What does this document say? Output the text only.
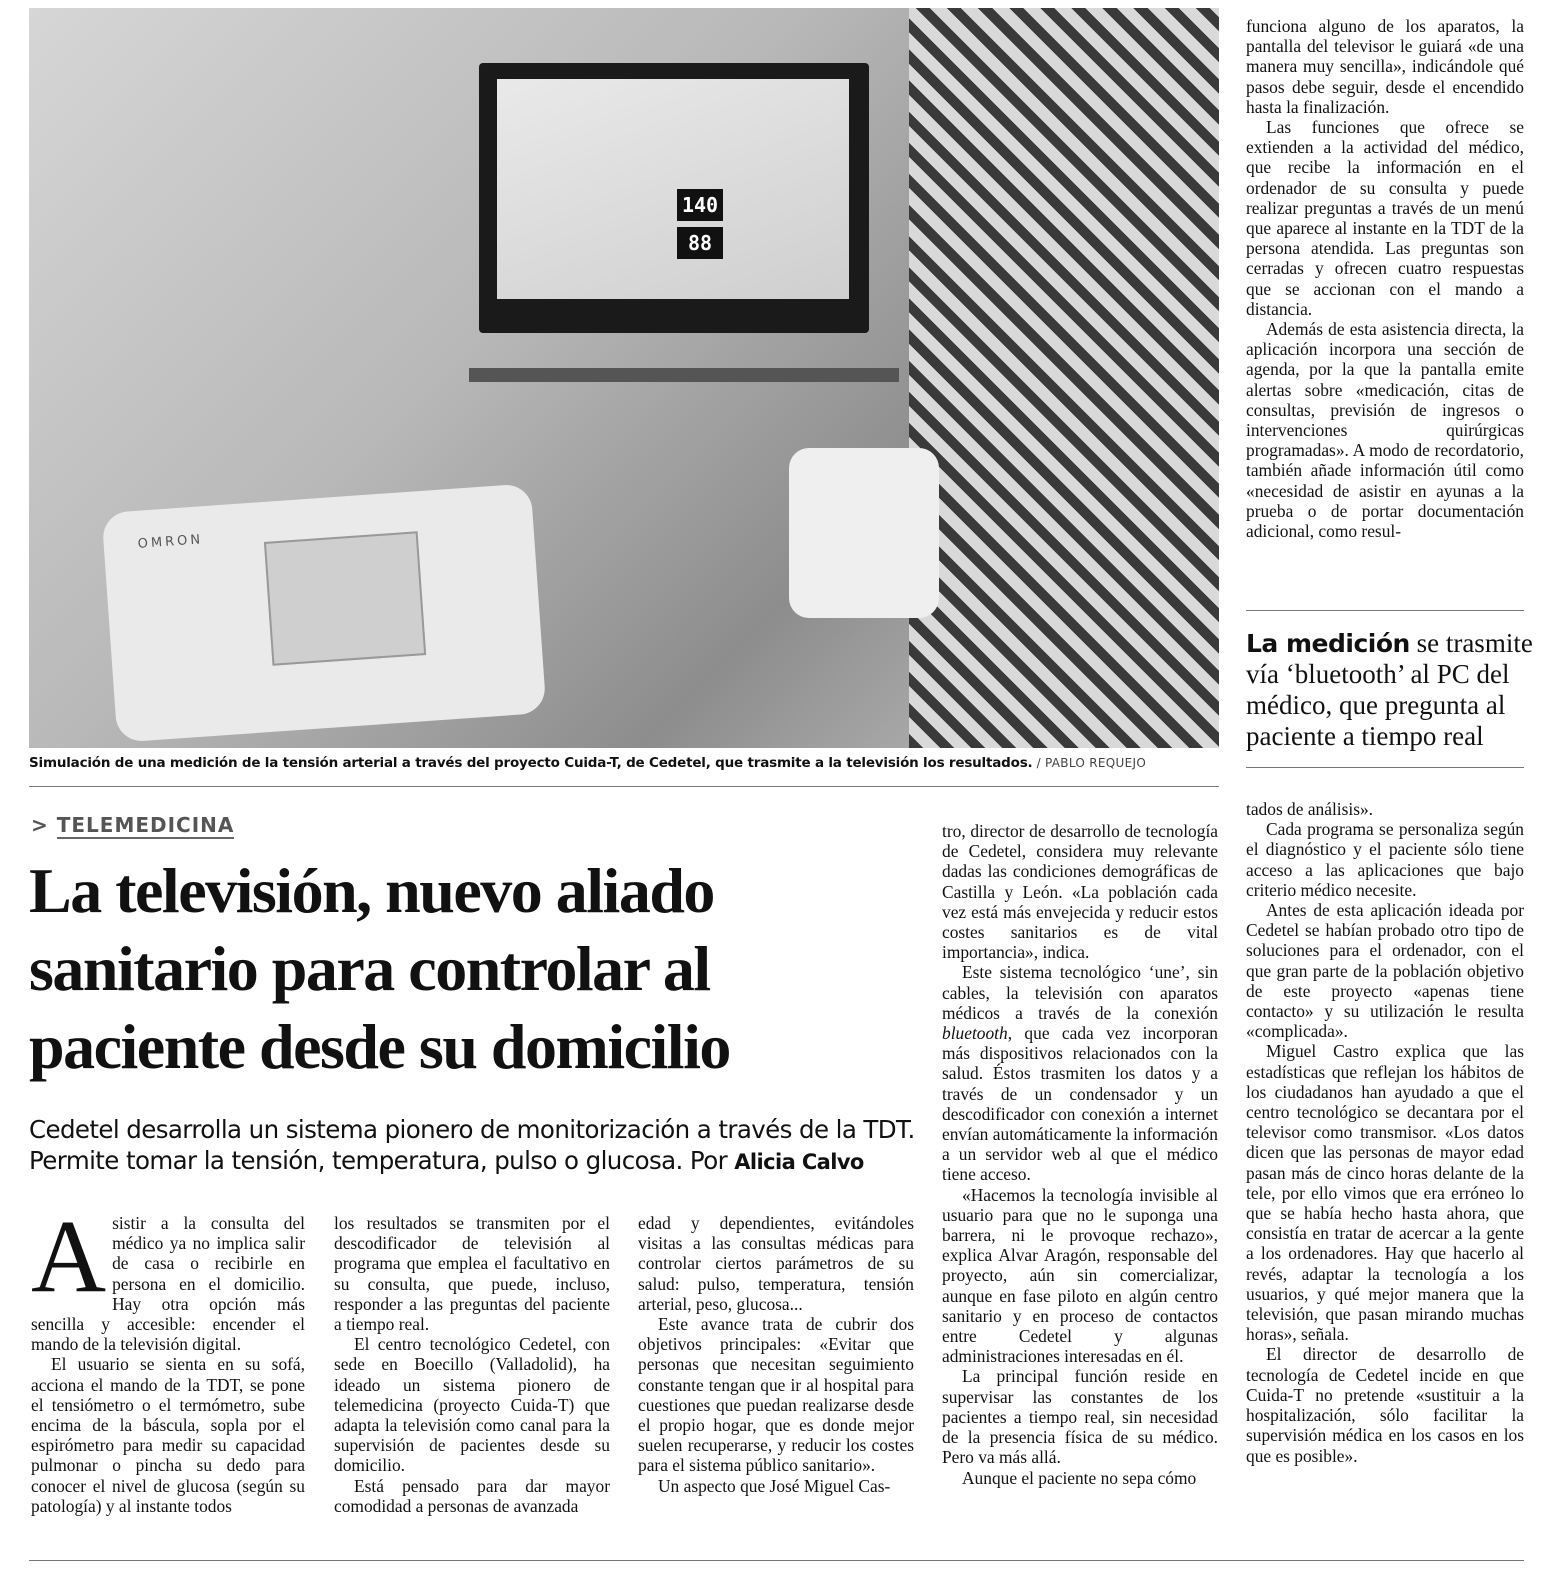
140
88
OMRON
Simulación de una medición de la tensión arterial a través del proyecto Cuida-T, de Cedetel, que trasmite a la televisión los resultados. / PABLO REQUEJO
> TELEMEDICINA
La televisión, nuevo aliado sanitario para controlar al paciente desde su domicilio
Cedetel desarrolla un sistema pionero de monitorización a través de la TDT. Permite tomar la tensión, temperatura, pulso o glucosa. Por Alicia Calvo

Asistir a la consulta del médico ya no implica salir de casa o recibirle en persona en el domicilio. Hay otra opción más sencilla y accesible: encender el mando de la televisión digital.

El usuario se sienta en su sofá, acciona el mando de la TDT, se pone el tensiómetro o el termómetro, sube encima de la báscula, sopla por el espirómetro para medir su capacidad pulmonar o pincha su dedo para conocer el nivel de glucosa (según su patología) y al instante todos

los resultados se transmiten por el descodificador de televisión al programa que emplea el facultativo en su consulta, que puede, incluso, responder a las preguntas del paciente a tiempo real.

El centro tecnológico Cedetel, con sede en Boecillo (Valladolid), ha ideado un sistema pionero de telemedicina (proyecto Cuida-T) que adapta la televisión como canal para la supervisión de pacientes desde su domicilio.

Está pensado para dar mayor comodidad a personas de avanzada

edad y dependientes, evitándoles visitas a las consultas médicas para controlar ciertos parámetros de su salud: pulso, temperatura, tensión arterial, peso, glucosa...

Este avance trata de cubrir dos objetivos principales: «Evitar que personas que necesitan seguimiento constante tengan que ir al hospital para cuestiones que puedan realizarse desde el propio hogar, que es donde mejor suelen recuperarse, y reducir los costes para el sistema público sanitario».

Un aspecto que José Miguel Cas-

tro, director de desarrollo de tecnología de Cedetel, considera muy relevante dadas las condiciones demográficas de Castilla y León. «La población cada vez está más envejecida y reducir estos costes sanitarios es de vital importancia», indica.

Este sistema tecnológico ‘une’, sin cables, la televisión con aparatos médicos a través de la conexión bluetooth, que cada vez incorporan más dispositivos relacionados con la salud. Éstos trasmiten los datos y a través de un condensador y un descodificador con conexión a internet envían automáticamente la información a un servidor web al que el médico tiene acceso.

«Hacemos la tecnología invisible al usuario para que no le suponga una barrera, ni le provoque rechazo», explica Alvar Aragón, responsable del proyecto, aún sin comercializar, aunque en fase piloto en algún centro sanitario y en proceso de contactos entre Cedetel y algunas administraciones interesadas en él.

La principal función reside en supervisar las constantes de los pacientes a tiempo real, sin necesidad de la presencia física de su médico. Pero va más allá.

Aunque el paciente no sepa cómo

funciona alguno de los aparatos, la pantalla del televisor le guiará «de una manera muy sencilla», indicándole qué pasos debe seguir, desde el encendido hasta la finalización.

Las funciones que ofrece se extienden a la actividad del médico, que recibe la información en el ordenador de su consulta y puede realizar preguntas a través de un menú que aparece al instante en la TDT de la persona atendida. Las preguntas son cerradas y ofrecen cuatro respuestas que se accionan con el mando a distancia.

Además de esta asistencia directa, la aplicación incorpora una sección de agenda, por la que la pantalla emite alertas sobre «medicación, citas de consultas, previsión de ingresos o intervenciones quirúrgicas programadas». A modo de recordatorio, también añade información útil como «necesidad de asistir en ayunas a la prueba o de portar documentación adicional, como resul-

La medición se trasmite vía ‘bluetooth’ al PC del médico, que pregunta al paciente a tiempo real

tados de análisis».

Cada programa se personaliza según el diagnóstico y el paciente sólo tiene acceso a las aplicaciones que bajo criterio médico necesite.

Antes de esta aplicación ideada por Cedetel se habían probado otro tipo de soluciones para el ordenador, con el que gran parte de la población objetivo de este proyecto «apenas tiene contacto» y su utilización le resulta «complicada».

Miguel Castro explica que las estadísticas que reflejan los hábitos de los ciudadanos han ayudado a que el centro tecnológico se decantara por el televisor como transmisor. «Los datos dicen que las personas de mayor edad pasan más de cinco horas delante de la tele, por ello vimos que era erróneo lo que se había hecho hasta ahora, que consistía en tratar de acercar a la gente a los ordenadores. Hay que hacerlo al revés, adaptar la tecnología a los usuarios, y qué mejor manera que la televisión, que pasan mirando muchas horas», señala.

El director de desarrollo de tecnología de Cedetel incide en que Cuida-T no pretende «sustituir a la hospitalización, sólo facilitar la supervisión médica en los casos en los que es posible».
